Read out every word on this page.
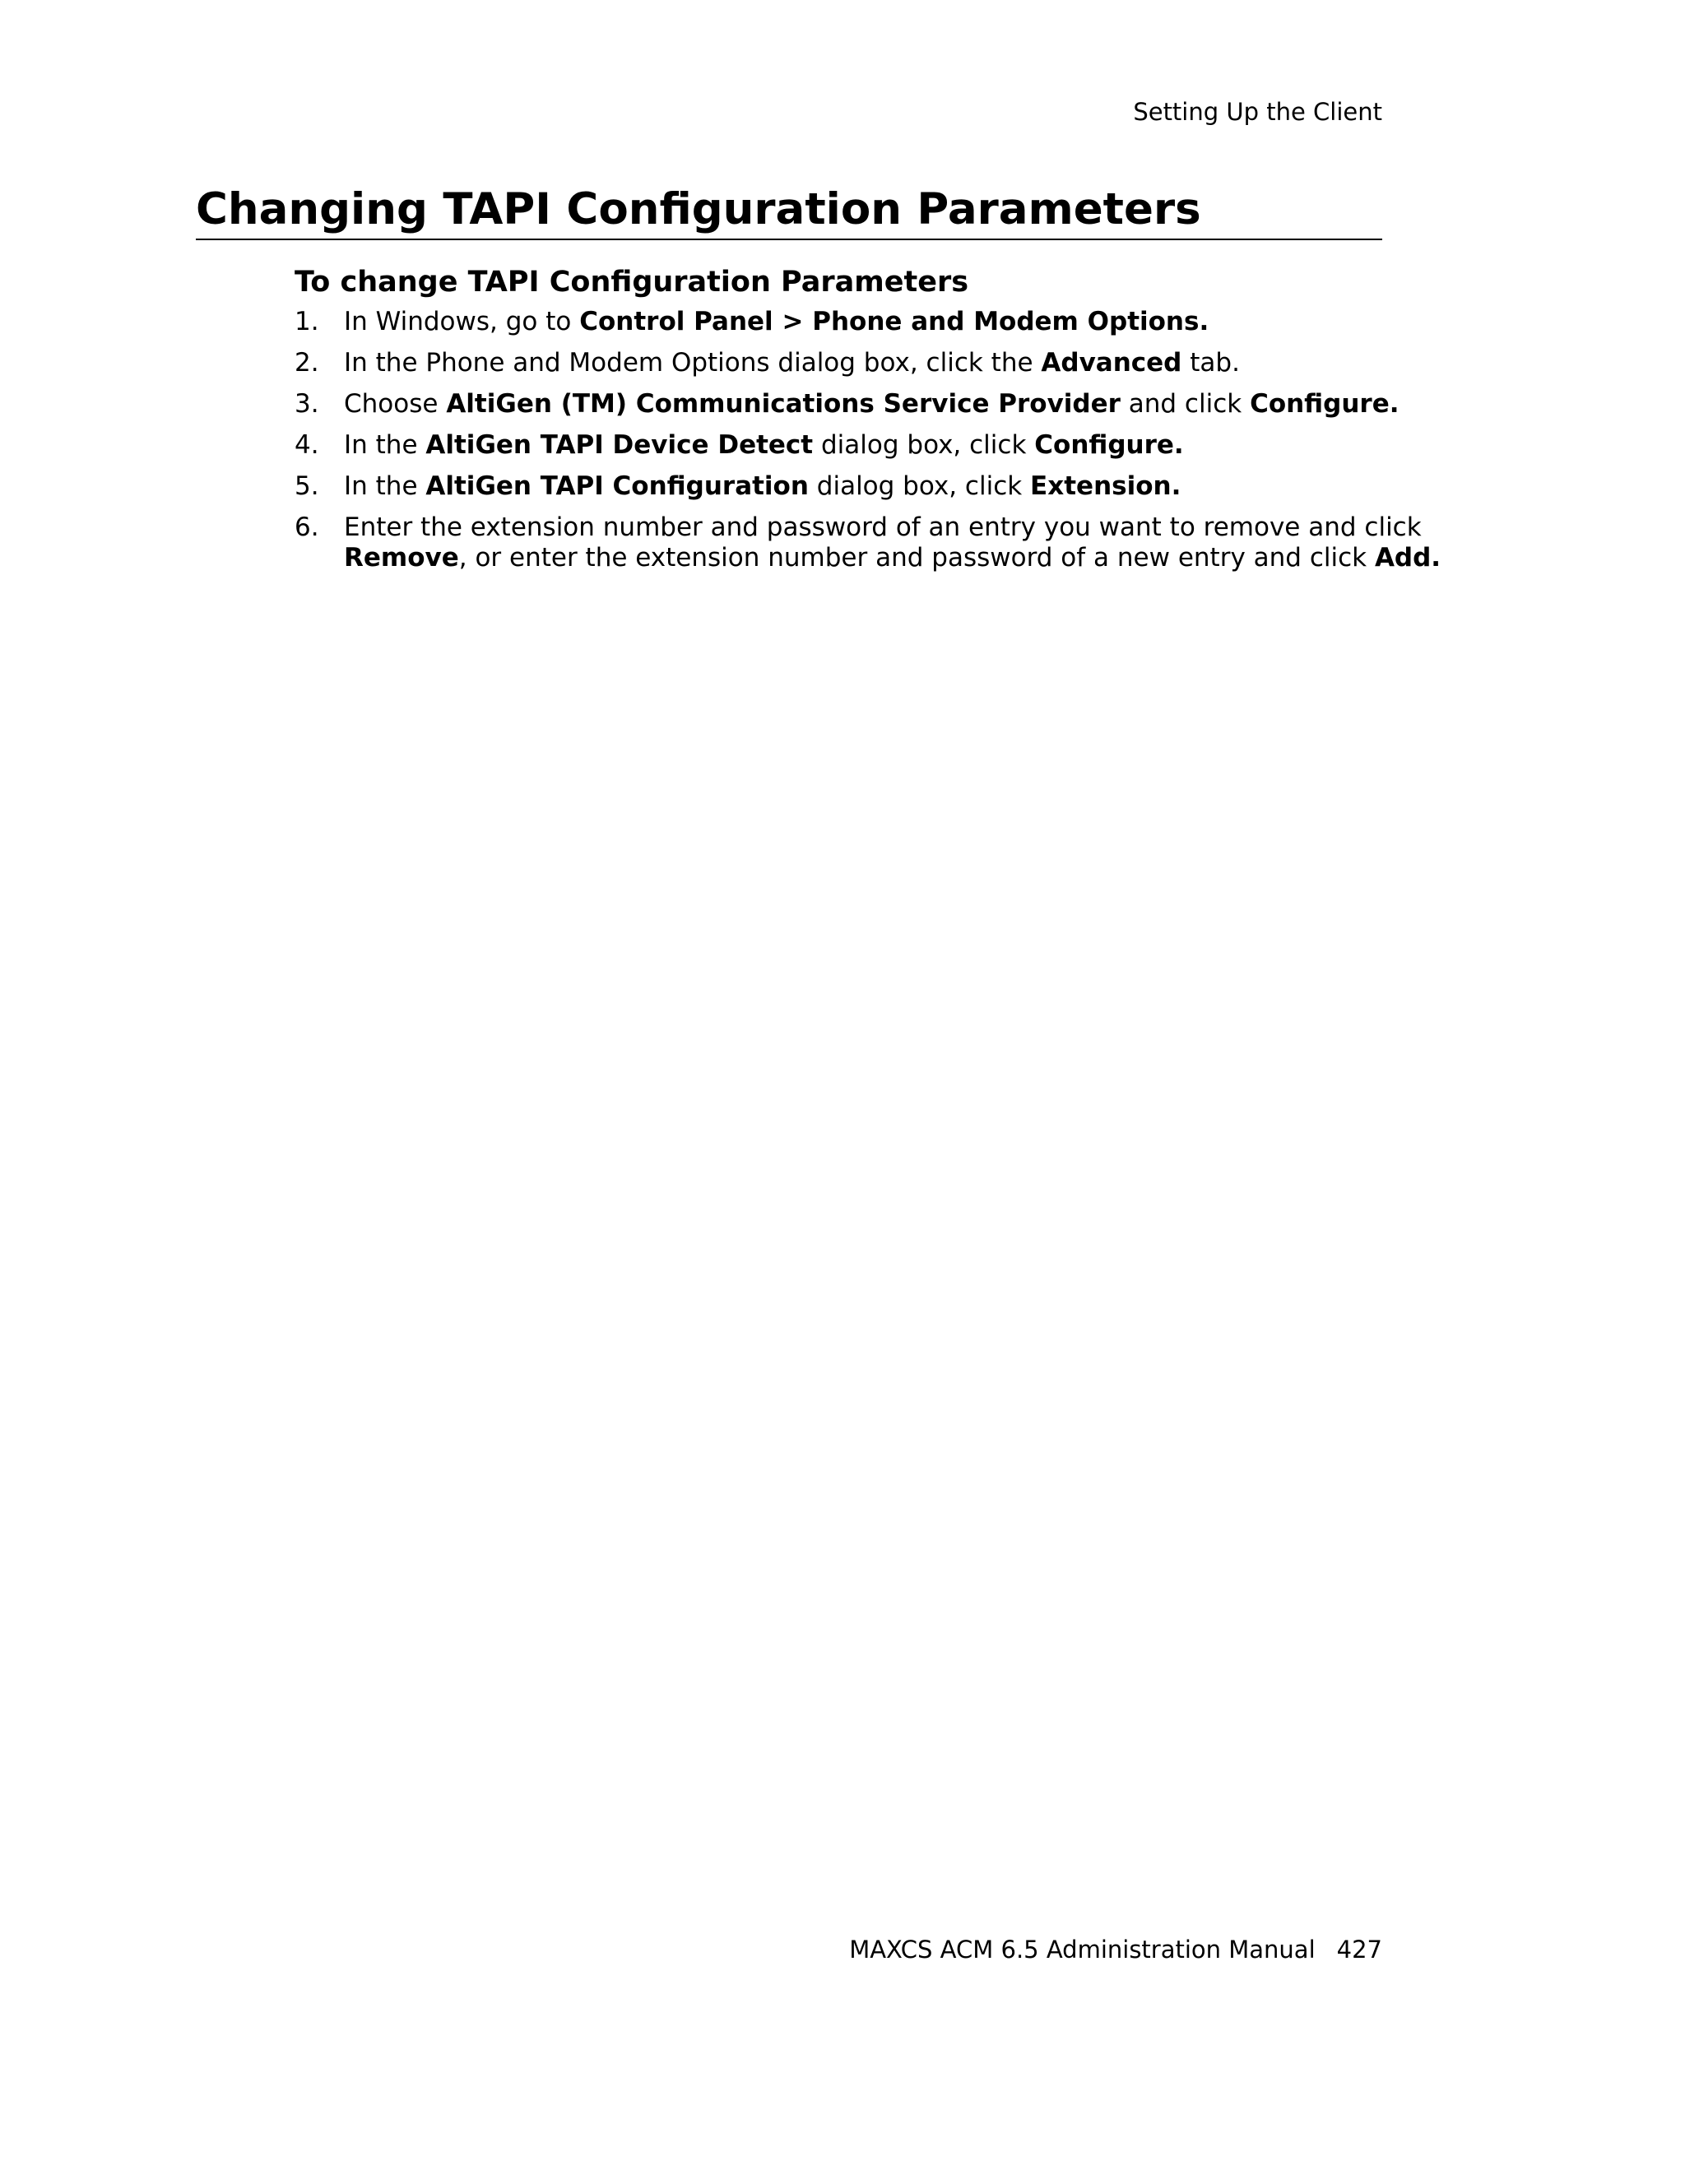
Setting Up the Client
Changing TAPI Configuration Parameters
To change TAPI Configuration Parameters
1. In Windows, go to Control Panel > Phone and Modem Options.
2. In the Phone and Modem Options dialog box, click the Advanced tab.
3. Choose AltiGen (TM) Communications Service Provider and click Configure.
4. In the AltiGen TAPI Device Detect dialog box, click Configure.
5. In the AltiGen TAPI Configuration dialog box, click Extension.
6. Enter the extension number and password of an entry you want to remove and click
Remove, or enter the extension number and password of a new entry and click Add.
MAXCS ACM 6.5 Administration Manual 427
